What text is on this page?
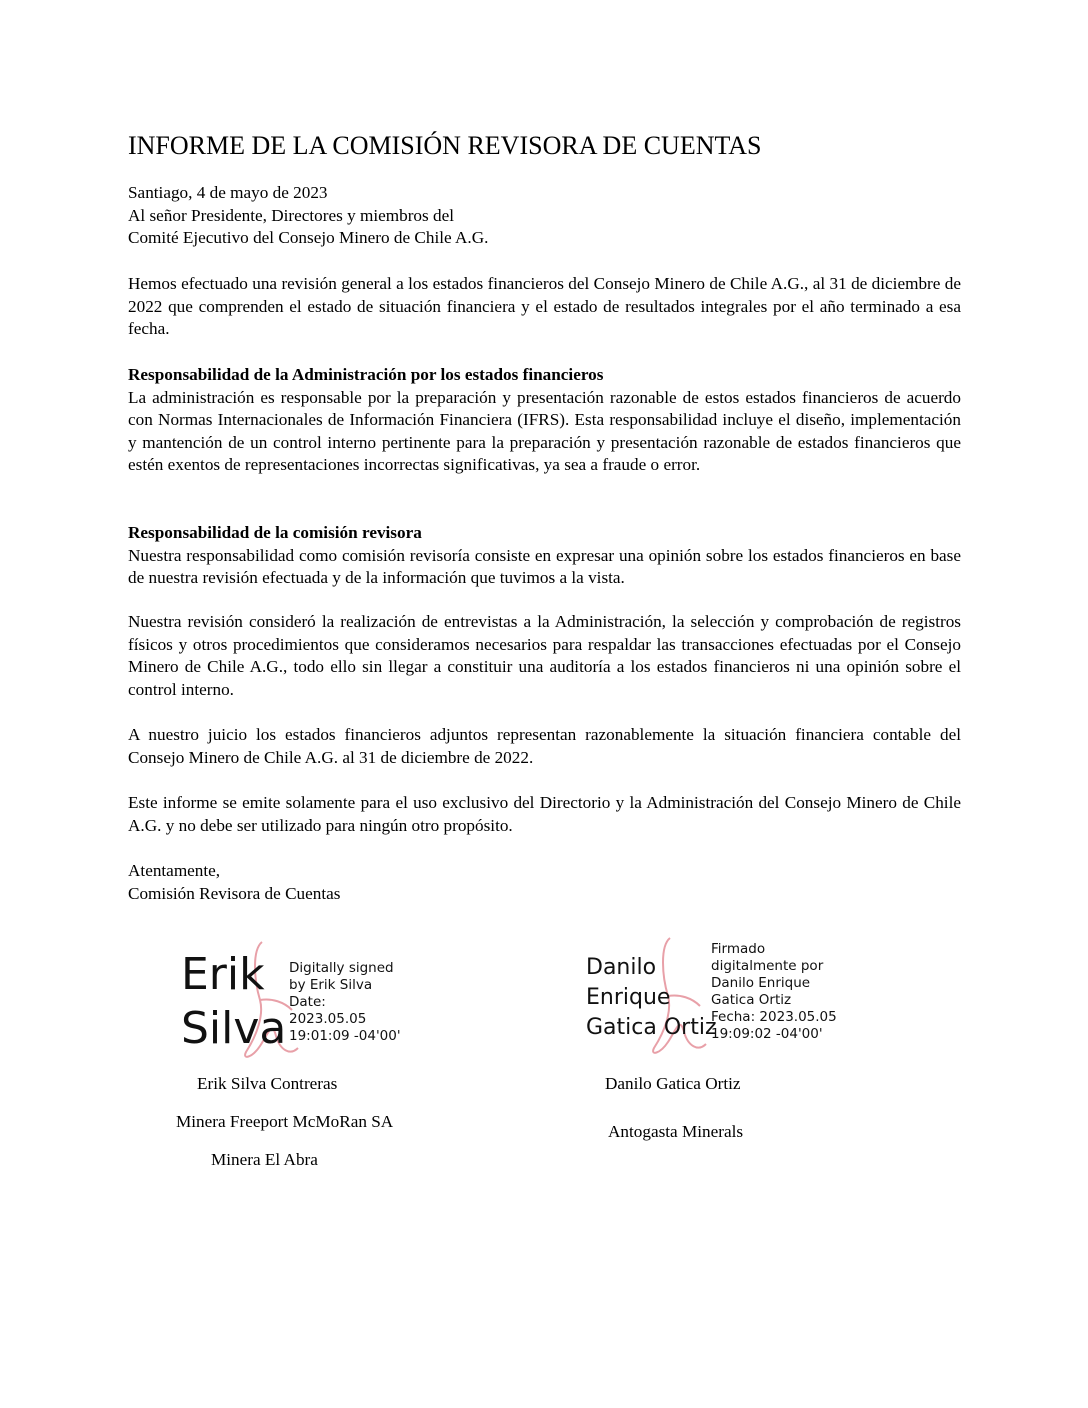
INFORME DE LA COMISIÓN REVISORA DE CUENTAS

Santiago, 4 de mayo de 2023

Al señor Presidente, Directores y miembros del

Comité Ejecutivo del Consejo Minero de Chile A.G.

Hemos efectuado una revisión general a los estados financieros del Consejo Minero de Chile A.G., al 31 de diciembre de 2022 que comprenden el estado de situación financiera y el estado de resultados integrales por el año terminado a esa fecha.

Responsabilidad de la Administración por los estados financieros

La administración es responsable por la preparación y presentación razonable de estos estados financieros de acuerdo con Normas Internacionales de Información Financiera (IFRS). Esta responsabilidad incluye el diseño, implementación y mantención de un control interno pertinente para la preparación y presentación razonable de estados financieros que estén exentos de representaciones incorrectas significativas, ya sea a fraude o error.

Responsabilidad de la comisión revisora

Nuestra responsabilidad como comisión revisoría consiste en expresar una opinión sobre los estados financieros en base de nuestra revisión efectuada y de la información que tuvimos a la vista.

Nuestra revisión consideró la realización de entrevistas a la Administración, la selección y comprobación de registros físicos y otros procedimientos que consideramos necesarios para respaldar las transacciones efectuadas por el Consejo Minero de Chile A.G., todo ello sin llegar a constituir una auditoría a los estados financieros ni una opinión sobre el control interno.

A nuestro juicio los estados financieros adjuntos representan razonablemente la situación financiera contable del Consejo Minero de Chile A.G. al 31 de diciembre de 2022.

Este informe se emite solamente para el uso exclusivo del Directorio y la Administración del Consejo Minero de Chile A.G. y no debe ser utilizado para ningún otro propósito.

Atentamente,

Comisión Revisora de Cuentas

Erik
Silva
Digitally signed
by Erik Silva
Date:
2023.05.05
19:01:09 -04'00'
Erik Silva Contreras
Minera Freeport McMoRan SA
Minera El Abra
Danilo
Enrique
Gatica Ortiz
Firmado
digitalmente por
Danilo Enrique
Gatica Ortiz
Fecha: 2023.05.05
19:09:02 -04'00'
Danilo Gatica Ortiz
Antogasta Minerals
